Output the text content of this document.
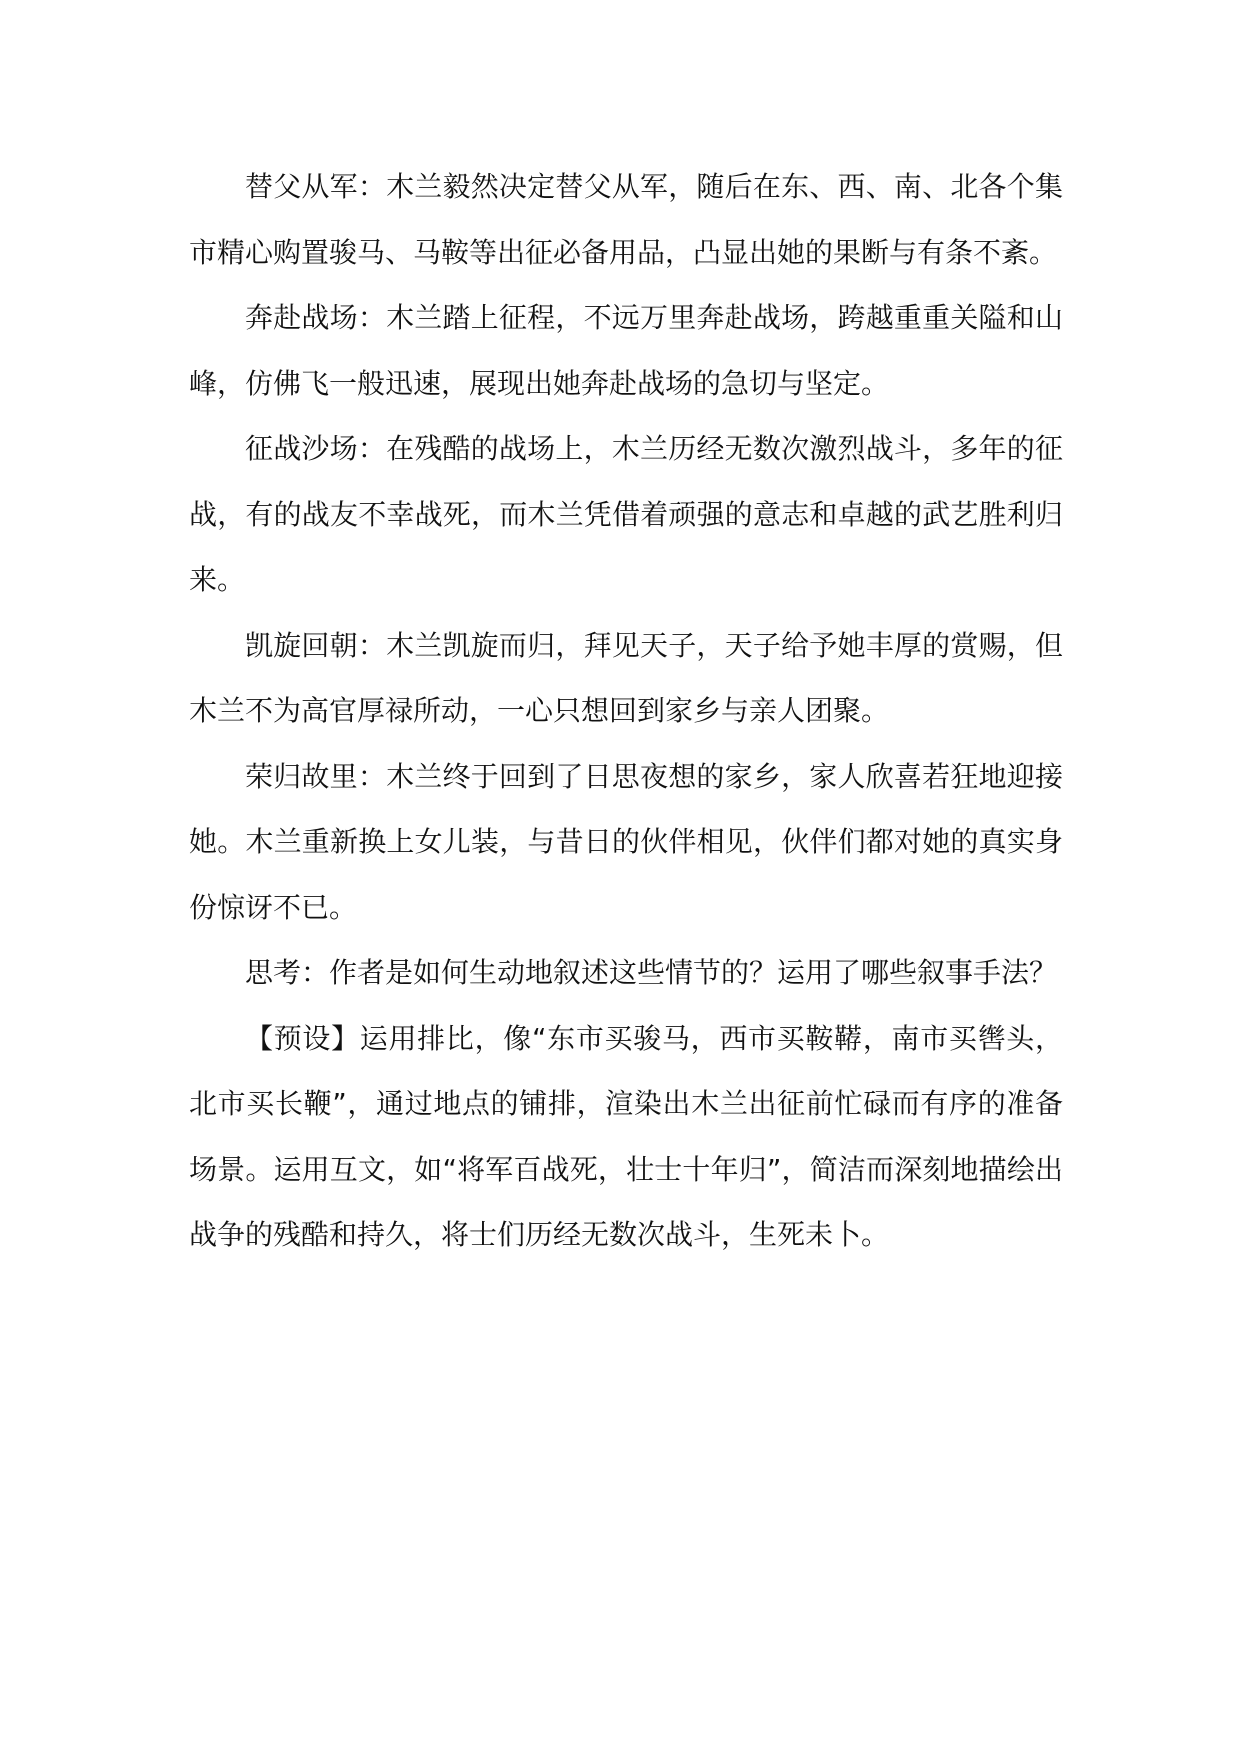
替父从军：木兰毅然决定替父从军，随后在东、西、南、北各个集市精心购置骏马、马鞍等出征必备用品，凸显出她的果断与有条不紊。

奔赴战场：木兰踏上征程，不远万里奔赴战场，跨越重重关隘和山峰，仿佛飞一般迅速，展现出她奔赴战场的急切与坚定。

征战沙场：在残酷的战场上，木兰历经无数次激烈战斗，多年的征战，有的战友不幸战死，而木兰凭借着顽强的意志和卓越的武艺胜利归来。

凯旋回朝：木兰凯旋而归，拜见天子，天子给予她丰厚的赏赐，但木兰不为高官厚禄所动，一心只想回到家乡与亲人团聚。

荣归故里：木兰终于回到了日思夜想的家乡，家人欣喜若狂地迎接她。木兰重新换上女儿装，与昔日的伙伴相见，伙伴们都对她的真实身份惊讶不已。

思考：作者是如何生动地叙述这些情节的？运用了哪些叙事手法？

【预设】运用排比，像“东市买骏马，西市买鞍鞯，南市买辔头，北市买长鞭”，通过地点的铺排，渲染出木兰出征前忙碌而有序的准备场景。运用互文，如“将军百战死，壮士十年归”，简洁而深刻地描绘出战争的残酷和持久，将士们历经无数次战斗，生死未卜。
